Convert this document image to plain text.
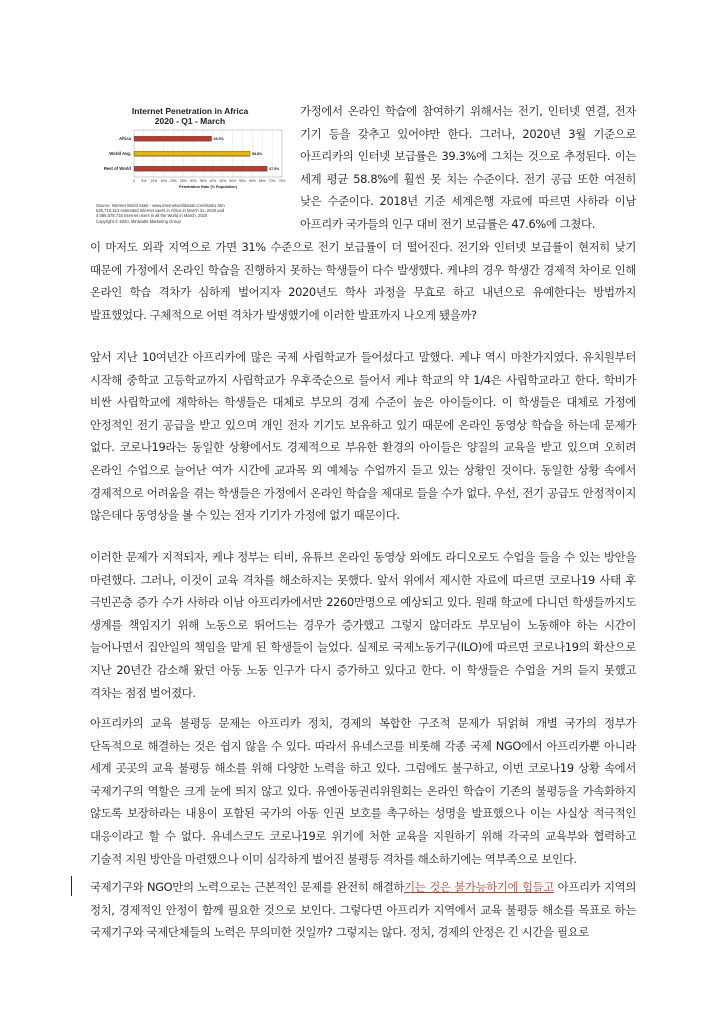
Internet Penetration in Africa
2020 - Q1 - March
0 5% 10% 15% 20% 25% 30% 35% 40% 45% 50% 55% 60% 65% 70% 75%
Africa	39.3%
World Avg.	58.8%
Rest of World	67.5%
Penetration Rate (% Population)
Source: Internet World Stats - www.internetworldstats.com/stats1.htm
526,710,313 estimated Internet users in Africa in March 31, 2020 and
4,585,578,718 Internet users in all the World in March, 2020
Copyright © 2020, Miniwatts Marketing Group

가정에서 온라인 학습에 참여하기 위해서는 전기, 인터넷 연결, 전자 기기 등을 갖추고 있어야만 한다. 그러나, 2020년 3월 기준으로 아프리카의 인터넷 보급률은 39.3%에 그치는 것으로 추정된다. 이는 세계 평균 58.8%에 훨씬 못 치는 수준이다. 전기 공급 또한 여전히 낮은 수준이다. 2018년 기준 세계은행 자료에 따르면 사하라 이남 아프리카 국가들의 인구 대비 전기 보급률은 47.6%에 그쳤다.

이 마저도 외곽 지역으로 가면 31% 수준으로 전기 보급률이 더 떨어진다. 전기와 인터넷 보급률이 현저히 낮기 때문에 가정에서 온라인 학습을 진행하지 못하는 학생들이 다수 발생했다. 케냐의 경우 학생간 경제적 차이로 인해 온라인 학습 격차가 심하게 벌어지자 2020년도 학사 과정을 무효로 하고 내년으로 유예한다는 방법까지 발표했었다. 구체적으로 어떤 격차가 발생했기에 이러한 발표까지 나오게 됐을까?

앞서 지난 10여년간 아프리카에 많은 국제 사립학교가 들어섰다고 말했다. 케냐 역시 마찬가지였다. 유치원부터 시작해 중학교 고등학교까지 사립학교가 우후죽순으로 들어서 케냐 학교의 약 1/4은 사립학교라고 한다. 학비가 비싼 사립학교에 재학하는 학생들은 대체로 부모의 경제 수준이 높은 아이들이다. 이 학생들은 대체로 가정에 안정적인 전기 공급을 받고 있으며 개인 전자 기기도 보유하고 있기 때문에 온라인 동영상 학습을 하는데 문제가 없다. 코로나19라는 동일한 상황에서도 경제적으로 부유한 환경의 아이들은 양질의 교육을 받고 있으며 오히려 온라인 수업으로 늘어난 여가 시간에 교과목 외 예체능 수업까지 듣고 있는 상황인 것이다. 동일한 상황 속에서 경제적으로 어려움을 겪는 학생들은 가정에서 온라인 학습을 제대로 들을 수가 없다. 우선, 전기 공급도 안정적이지 않은데다 동영상을 볼 수 있는 전자 기기가 가정에 없기 때문이다.

이러한 문제가 지적되자, 케냐 정부는 티비, 유튜브 온라인 동영상 외에도 라디오로도 수업을 들을 수 있는 방안을 마련했다. 그러나, 이것이 교육 격차를 해소하지는 못했다. 앞서 위에서 제시한 자료에 따르면 코로나19 사태 후 극빈곤층 증가 수가 사하라 이남 아프리카에서만 2260만명으로 예상되고 있다. 원래 학교에 다니던 학생들까지도 생계를 책임지기 위해 노동으로 뛰어드는 경우가 증가했고 그렇지 않더라도 부모님이 노동해야 하는 시간이 늘어나면서 집안일의 책임을 맡게 된 학생들이 늘었다. 실제로 국제노동기구(ILO)에 따르면 코로나19의 확산으로 지난 20년간 감소해 왔던 아동 노동 인구가 다시 증가하고 있다고 한다. 이 학생들은 수업을 거의 듣지 못했고 격차는 점점 벌어졌다.

아프리카의 교육 불평등 문제는 아프리카 정치, 경제의 복합한 구조적 문제가 뒤얽혀 개별 국가의 정부가 단독적으로 해결하는 것은 쉽지 않을 수 있다. 따라서 유네스코를 비롯해 각종 국제 NGO에서 아프리카뿐 아니라 세계 곳곳의 교육 불평등 해소를 위해 다양한 노력을 하고 있다. 그럼에도 불구하고, 이번 코로나19 상황 속에서 국제기구의 역할은 크게 눈에 띄지 않고 있다. 유엔아동권리위원회는 온라인 학습이 기존의 불평등을 가속화하지 않도록 보장하라는 내용이 포함된 국가의 아동 인권 보호를 촉구하는 성명을 발표했으나 이는 사실상 적극적인 대응이라고 할 수 없다. 유네스코도 코로나19로 위기에 처한 교육을 지원하기 위해 각국의 교육부와 협력하고 기술적 지원 방안을 마련했으나 이미 심각하게 벌어진 불평등 격차를 해소하기에는 역부족으로 보인다.

국제기구와 NGO만의 노력으로는 근본적인 문제를 완전히 해결하기는 것은 불가능하기에 힘들고 아프리카 지역의 정치, 경제적인 안정이 함께 필요한 것으로 보인다. 그렇다면 아프리카 지역에서 교육 불평등 해소를 목표로 하는 국제기구와 국제단체들의 노력은 무의미한 것일까? 그렇지는 않다. 정치, 경제의 안정은 긴 시간을 필요로
